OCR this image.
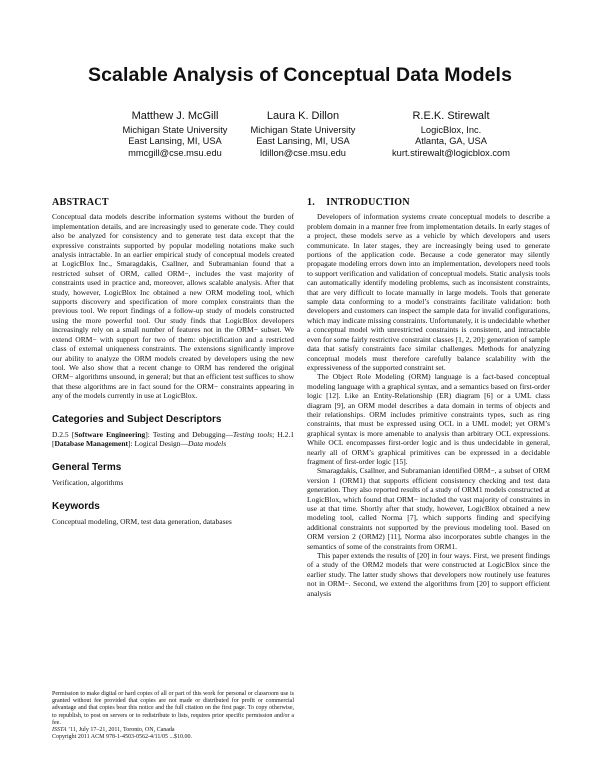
Scalable Analysis of Conceptual Data Models
Matthew J. McGill
Michigan State University
East Lansing, MI, USA
mmcgill@cse.msu.edu
Laura K. Dillon
Michigan State University
East Lansing, MI, USA
ldillon@cse.msu.edu
R.E.K. Stirewalt
LogicBlox, Inc.
Atlanta, GA, USA
kurt.stirewalt@logicblox.com
ABSTRACT

Conceptual data models describe information systems without the burden of implementation details, and are increasingly used to generate code. They could also be analyzed for consistency and to generate test data except that the expressive constraints supported by popular modeling notations make such analysis intractable. In an earlier empirical study of conceptual models created at LogicBlox Inc., Smaragdakis, Csallner, and Subramanian found that a restricted subset of ORM, called ORM−, includes the vast majority of constraints used in practice and, moreover, allows scalable analysis. After that study, however, LogicBlox Inc obtained a new ORM modeling tool, which supports discovery and specification of more complex constraints than the previous tool. We report findings of a follow-up study of models constructed using the more powerful tool. Our study finds that LogicBlox developers increasingly rely on a small number of features not in the ORM− subset. We extend ORM− with support for two of them: objectification and a restricted class of external uniqueness constraints. The extensions significantly improve our ability to analyze the ORM models created by developers using the new tool. We also show that a recent change to ORM has rendered the original ORM− algorithms unsound, in general; but that an efficient test suffices to show that these algorithms are in fact sound for the ORM− constraints appearing in any of the models currently in use at LogicBlox.

Categories and Subject Descriptors

D.2.5 [Software Engineering]: Testing and Debugging—Testing tools; H.2.1 [Database Management]: Logical Design—Data models

General Terms

Verification, algorithms

Keywords

Conceptual modeling, ORM, test data generation, databases

Permission to make digital or hard copies of all or part of this work for personal or classroom use is granted without fee provided that copies are not made or distributed for profit or commercial advantage and that copies bear this notice and the full citation on the first page. To copy otherwise, to republish, to post on servers or to redistribute to lists, requires prior specific permission and/or a fee.

ISSTA ’11, July 17–21, 2011, Toronto, ON, Canada

Copyright 2011 ACM 978-1-4503-0562-4/11/05 ...$10.00.

1.    INTRODUCTION

Developers of information systems create conceptual models to describe a problem domain in a manner free from implementation details. In early stages of a project, these models serve as a vehicle by which developers and users communicate. In later stages, they are increasingly being used to generate portions of the application code. Because a code generator may silently propagate modeling errors down into an implementation, developers need tools to support verification and validation of conceptual models. Static analysis tools can automatically identify modeling problems, such as inconsistent constraints, that are very difficult to locate manually in large models. Tools that generate sample data conforming to a model’s constraints facilitate validation: both developers and customers can inspect the sample data for invalid configurations, which may indicate missing constraints. Unfortunately, it is undecidable whether a conceptual model with unrestricted constraints is consistent, and intractable even for some fairly restrictive constraint classes [1, 2, 20]; generation of sample data that satisfy constraints face similar challenges. Methods for analyzing conceptual models must therefore carefully balance scalability with the expressiveness of the supported constraint set.

The Object Role Modeling (ORM) language is a fact-based conceptual modeling language with a graphical syntax, and a semantics based on first-order logic [12]. Like an Entity-Relationship (ER) diagram [6] or a UML class diagram [9], an ORM model describes a data domain in terms of objects and their relationships. ORM includes primitive constraints types, such as ring constraints, that must be expressed using OCL in a UML model; yet ORM’s graphical syntax is more amenable to analysis than arbitrary OCL expressions. While OCL encompasses first-order logic and is thus undecidable in general, nearly all of ORM’s graphical primitives can be expressed in a decidable fragment of first-order logic [15].

Smaragdakis, Csallner, and Subramanian identified ORM−, a subset of ORM version 1 (ORM1) that supports efficient consistency checking and test data generation. They also reported results of a study of ORM1 models constructed at LogicBlox, which found that ORM− included the vast majority of constraints in use at that time. Shortly after that study, however, LogicBlox obtained a new modeling tool, called Norma [7], which supports finding and specifying additional constraints not supported by the previous modeling tool. Based on ORM version 2 (ORM2) [11], Norma also incorporates subtle changes in the semantics of some of the constraints from ORM1.

This paper extends the results of [20] in four ways. First, we present findings of a study of the ORM2 models that were constructed at LogicBlox since the earlier study. The latter study shows that developers now routinely use features not in ORM−. Second, we extend the algorithms from [20] to support efficient analysis
